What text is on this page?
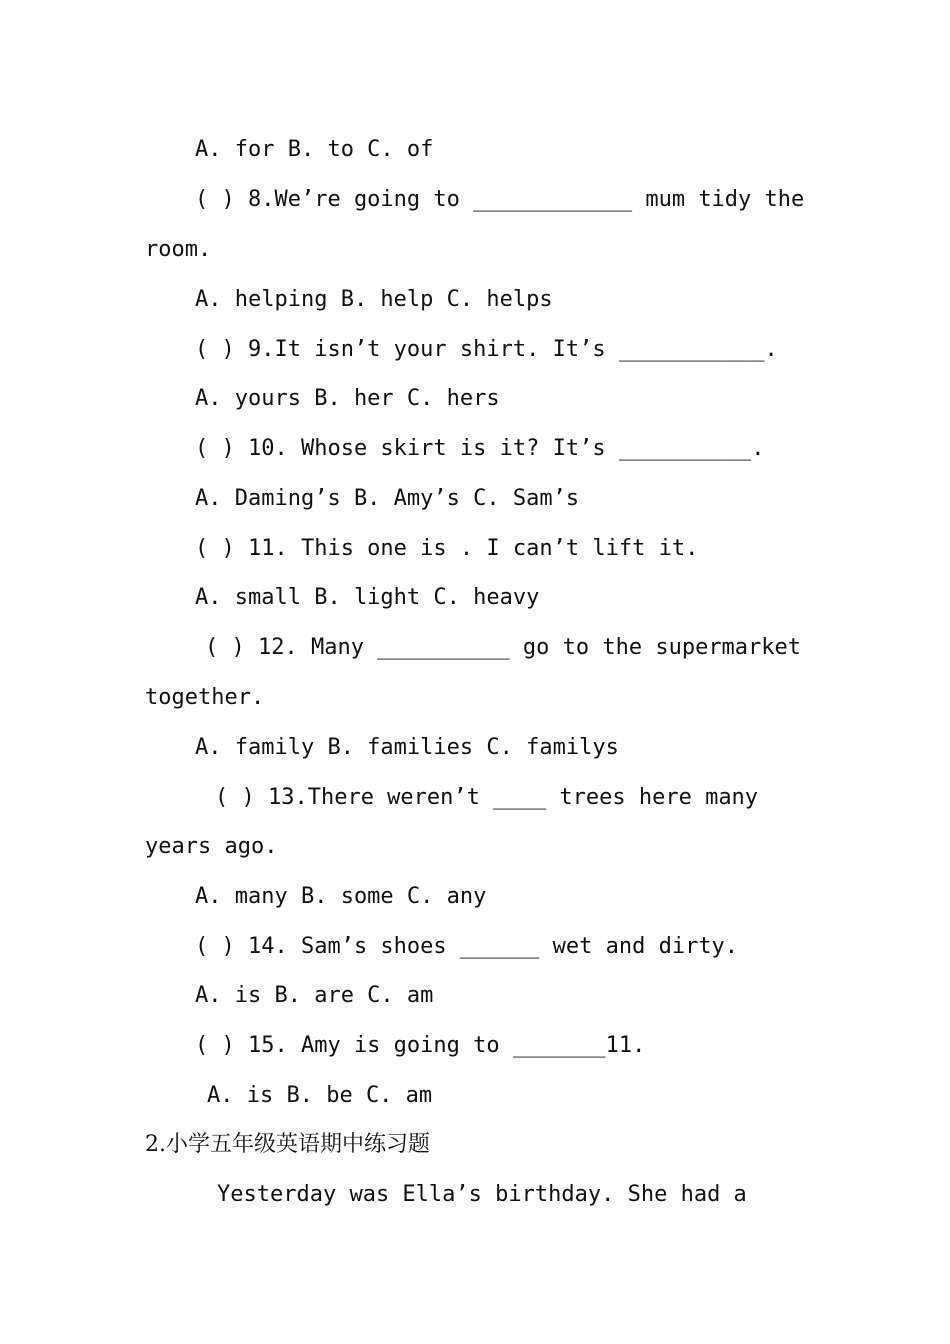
A. for B. to C. of
( ) 8.We’re going to ____________ mum tidy the
room.
A. helping B. help C. helps
( ) 9.It isn’t your shirt. It’s ___________.
A. yours B. her C. hers
( ) 10. Whose skirt is it? It’s __________.
A. Daming’s B. Amy’s C. Sam’s
( ) 11. This one is . I can’t lift it.
A. small B. light C. heavy
( ) 12. Many __________ go to the supermarket
together.
A. family B. families C. familys
( ) 13.There weren’t ____ trees here many
years ago.
A. many B. some C. any
( ) 14. Sam’s shoes ______ wet and dirty.
A. is B. are C. am
( ) 15. Amy is going to _______11.
A. is B. be C. am
2.小学五年级英语期中练习题
Yesterday was Ella’s birthday. She had a
